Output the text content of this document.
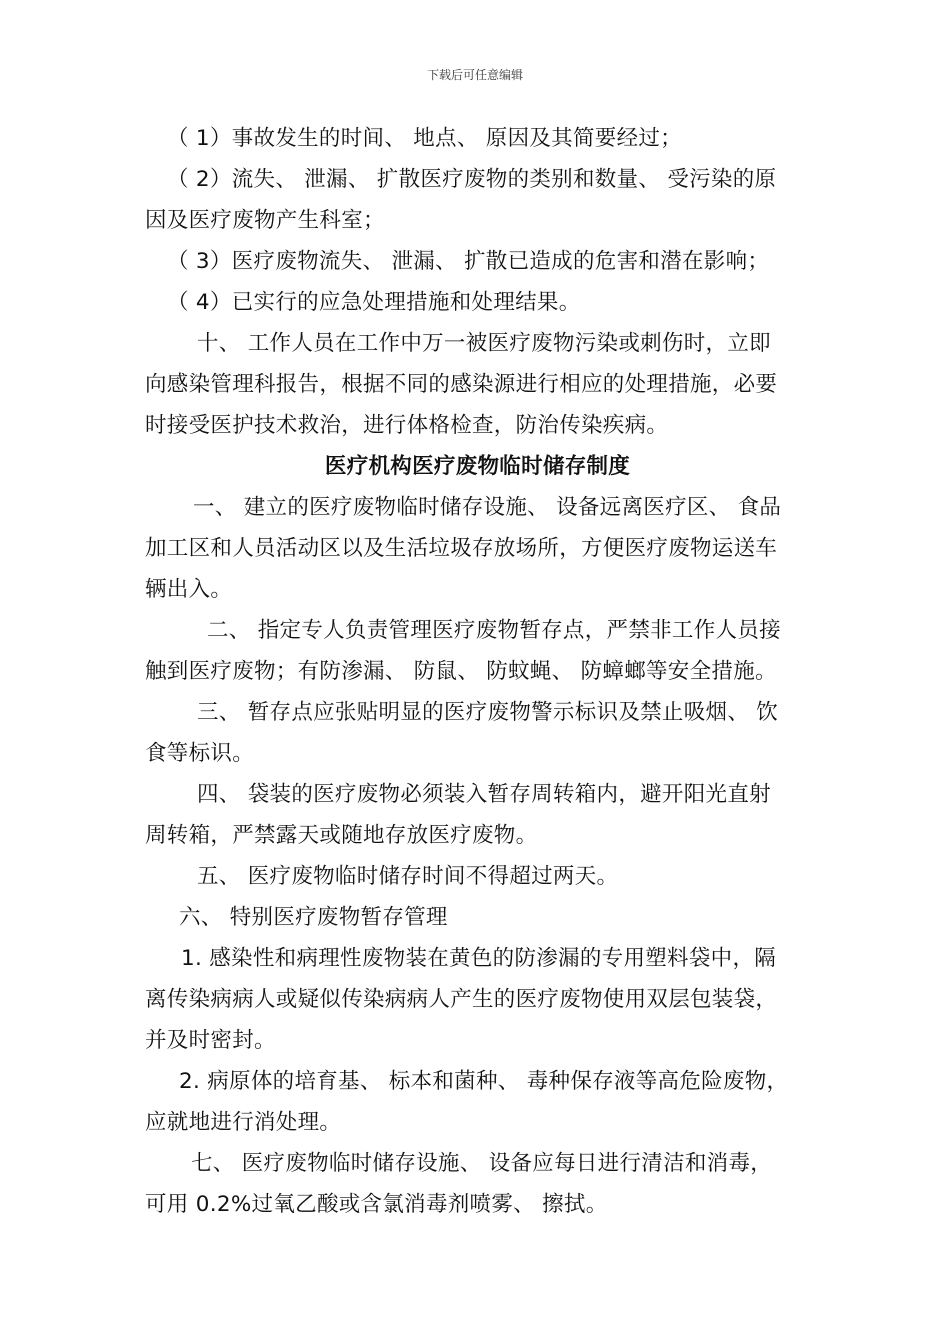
下载后可任意编辑
（ 1）事故发生的时间、 地点、 原因及其简要经过；
（ 2）流失、 泄漏、 扩散医疗废物的类别和数量、 受污染的原
因及医疗废物产生科室；
（ 3）医疗废物流失、 泄漏、 扩散已造成的危害和潜在影响；
（ 4）已实行的应急处理措施和处理结果。
十、 工作人员在工作中万一被医疗废物污染或刺伤时，立即
向感染管理科报告，根据不同的感染源进行相应的处理措施，必要
时接受医护技术救治，进行体格检查，防治传染疾病。
医疗机构医疗废物临时储存制度
一、 建立的医疗废物临时储存设施、 设备远离医疗区、 食品
加工区和人员活动区以及生活垃圾存放场所，方便医疗废物运送车
辆出入。
二、 指定专人负责管理医疗废物暂存点，严禁非工作人员接
触到医疗废物；有防渗漏、 防鼠、 防蚊蝇、 防蟑螂等安全措施。
三、 暂存点应张贴明显的医疗废物警示标识及禁止吸烟、 饮
食等标识。
四、 袋装的医疗废物必须装入暂存周转箱内，避开阳光直射
周转箱，严禁露天或随地存放医疗废物。
五、 医疗废物临时储存时间不得超过两天。
六、 特别医疗废物暂存管理
1. 感染性和病理性废物装在黄色的防渗漏的专用塑料袋中，隔
离传染病病人或疑似传染病病人产生的医疗废物使用双层包装袋，
并及时密封。
2. 病原体的培育基、 标本和菌种、 毒种保存液等高危险废物，
应就地进行消处理。
七、 医疗废物临时储存设施、 设备应每日进行清洁和消毒，
可用 0.2%过氧乙酸或含氯消毒剂喷雾、 擦拭。
